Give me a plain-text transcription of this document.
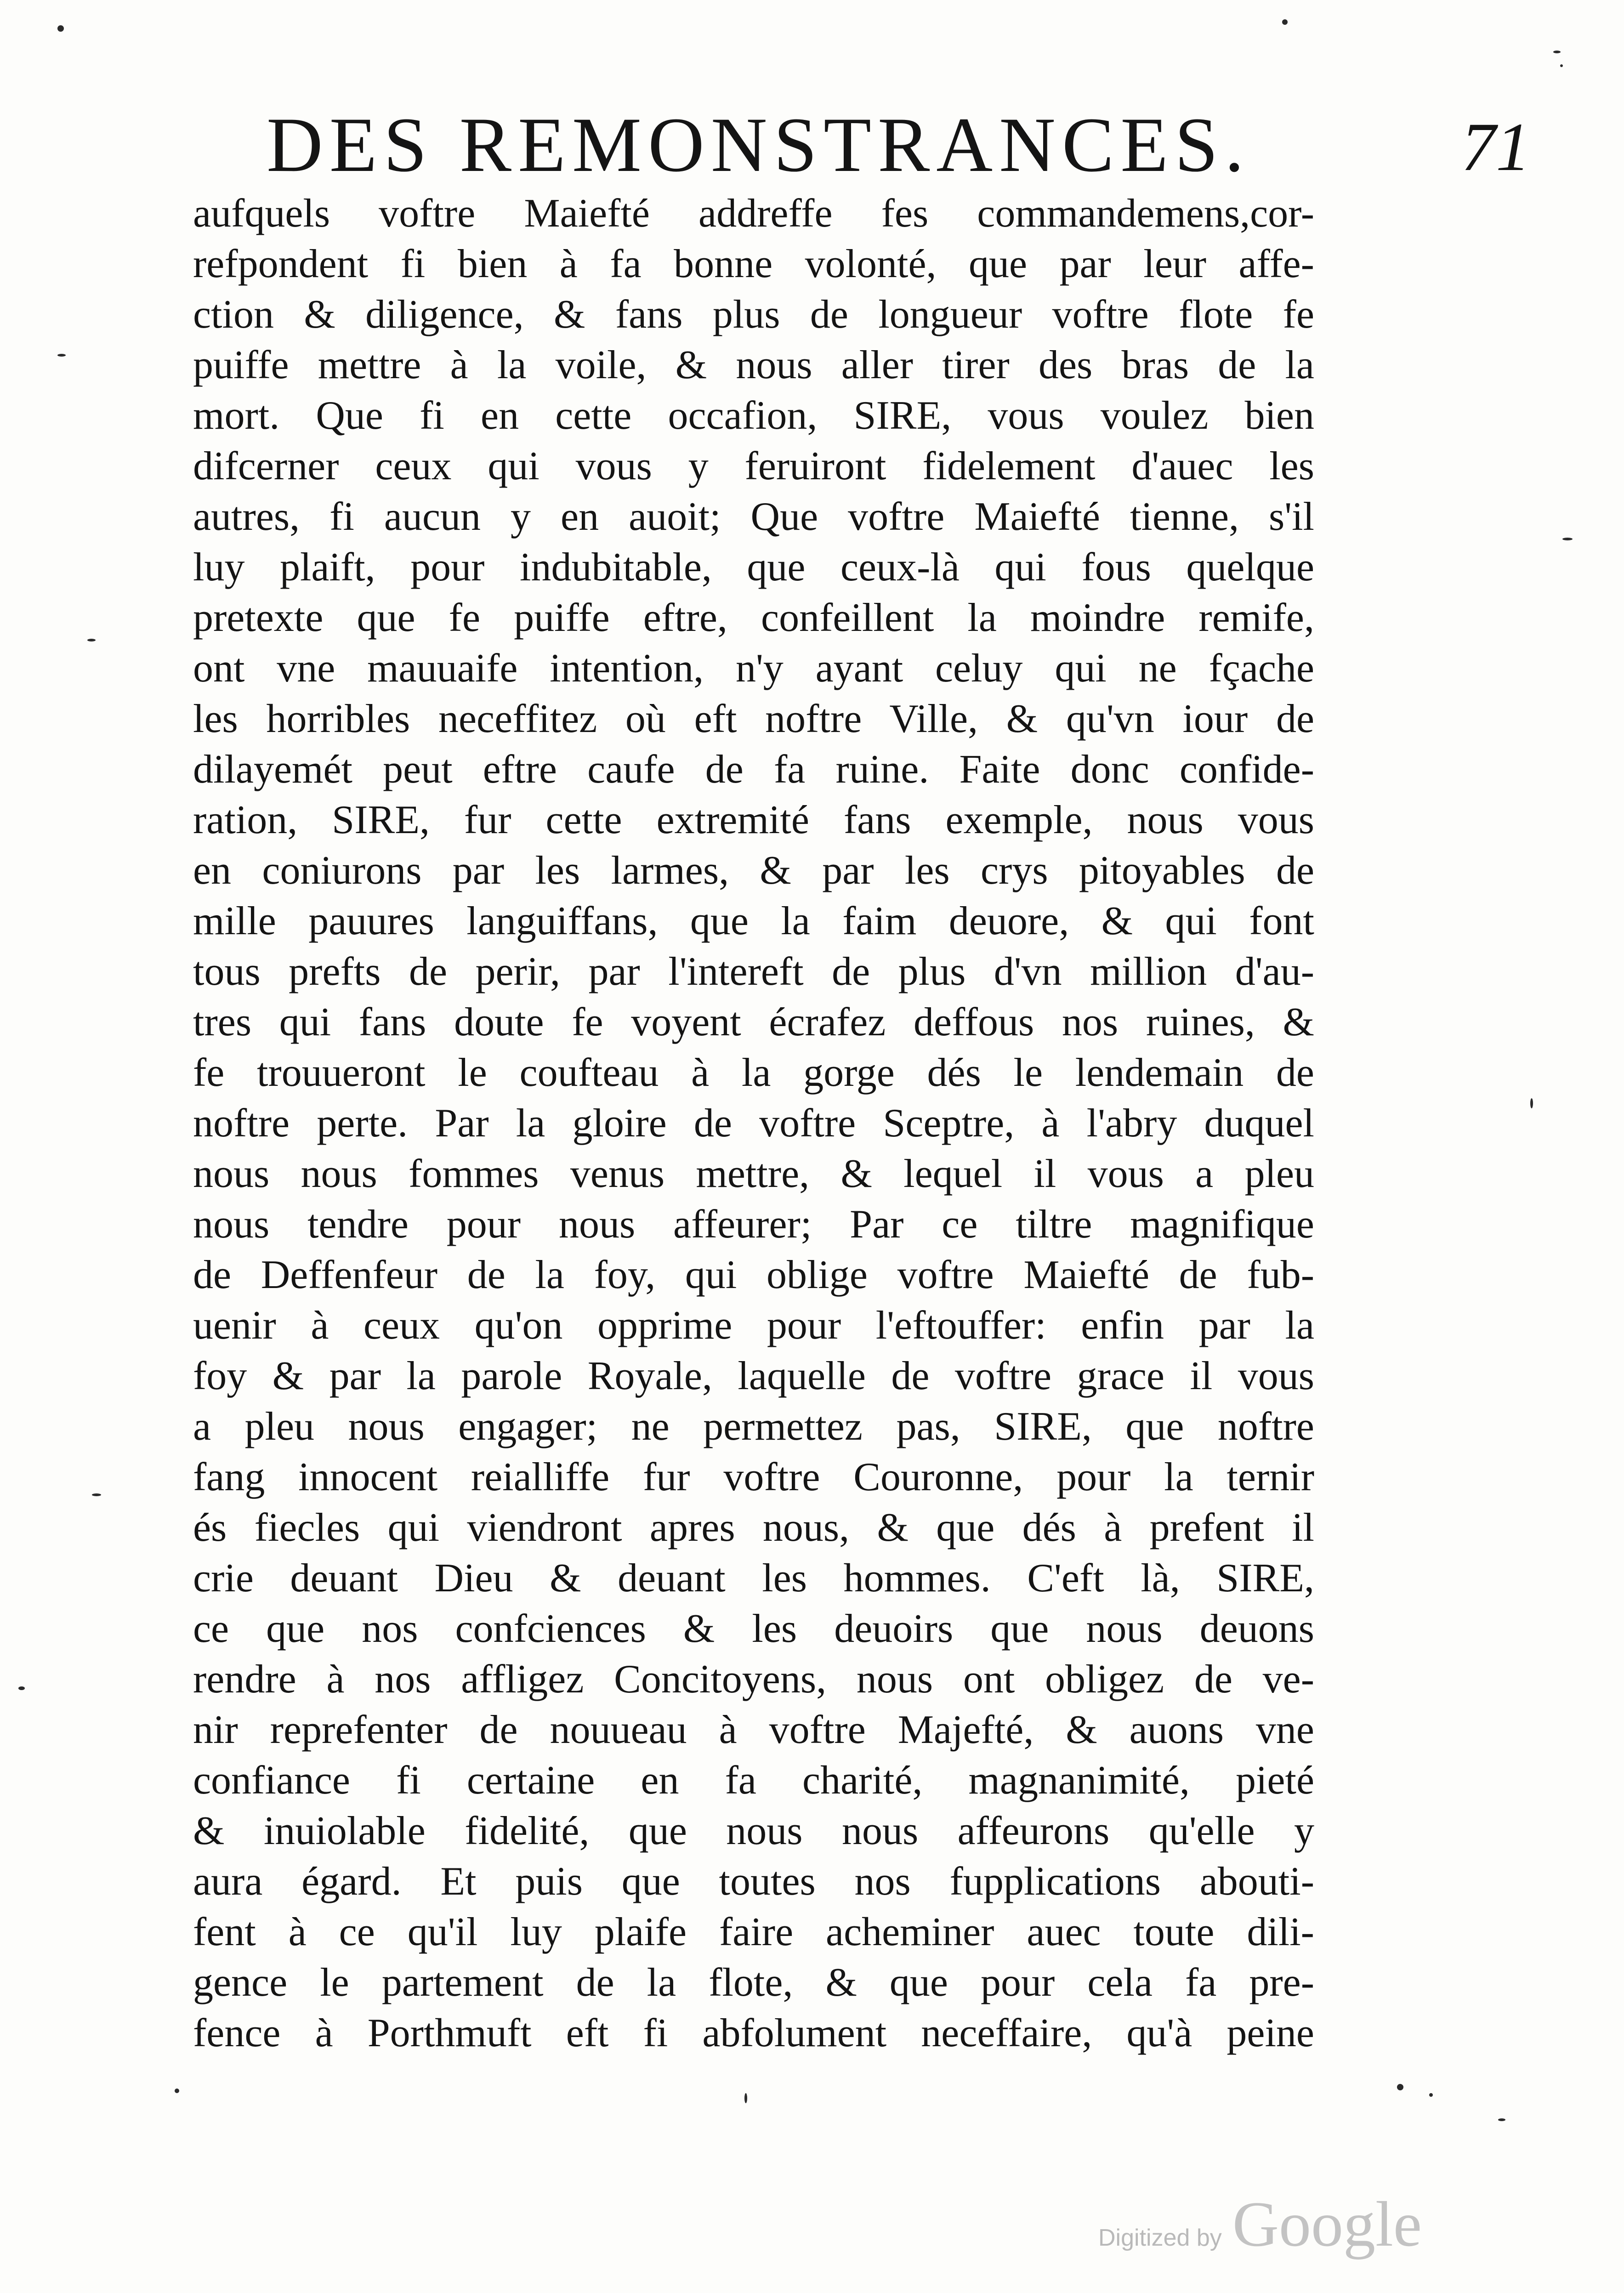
DES REMONSTRANCES.	71
aufquels voftre Maiefté addreffe fes commandemens,cor-
refpondent fi bien à fa bonne volonté, que par leur affe-
ction & diligence, & fans plus de longueur voftre flote fe
puiffe mettre à la voile, & nous aller tirer des bras de la
mort. Que fi en cette occafion, SIRE, vous voulez bien
difcerner ceux qui vous y feruiront fidelement d'auec les
autres, fi aucun y en auoit; Que voftre Maiefté tienne, s'il
luy plaift, pour indubitable, que ceux-là qui fous quelque
pretexte que fe puiffe eftre, confeillent la moindre remife,
ont vne mauuaife intention, n'y ayant celuy qui ne fçache
les horribles neceffitez où eft noftre Ville, & qu'vn iour de
dilayemét peut eftre caufe de fa ruine. Faite donc confide-
ration, SIRE, fur cette extremité fans exemple, nous vous
en coniurons par les larmes, & par les crys pitoyables de
mille pauures languiffans, que la faim deuore, & qui font
tous prefts de perir, par l'intereft de plus d'vn million d'au-
tres qui fans doute fe voyent écrafez deffous nos ruines, &
fe trouueront le coufteau à la gorge dés le lendemain de
noftre perte. Par la gloire de voftre Sceptre, à l'abry duquel
nous nous fommes venus mettre, & lequel il vous a pleu
nous tendre pour nous affeurer; Par ce tiltre magnifique
de Deffenfeur de la foy, qui oblige voftre Maiefté de fub-
uenir à ceux qu'on opprime pour l'eftouffer: enfin par la
foy & par la parole Royale, laquelle de voftre grace il vous
a pleu nous engager; ne permettez pas, SIRE, que noftre
fang innocent reialliffe fur voftre Couronne, pour la ternir
és fiecles qui viendront apres nous, & que dés à prefent il
crie deuant Dieu & deuant les hommes. C'eft là, SIRE,
ce que nos confciences & les deuoirs que nous deuons
rendre à nos affligez Concitoyens, nous ont obligez de ve-
nir reprefenter de nouueau à voftre Majefté, & auons vne
confiance fi certaine en fa charité, magnanimité, pieté
& inuiolable fidelité, que nous nous affeurons qu'elle y
aura égard. Et puis que toutes nos fupplications abouti-
fent à ce qu'il luy plaife faire acheminer auec toute dili-
gence le partement de la flote, & que pour cela fa pre-
fence à Porthmuft eft fi abfolument neceffaire, qu'à peine
Digitized by Google
